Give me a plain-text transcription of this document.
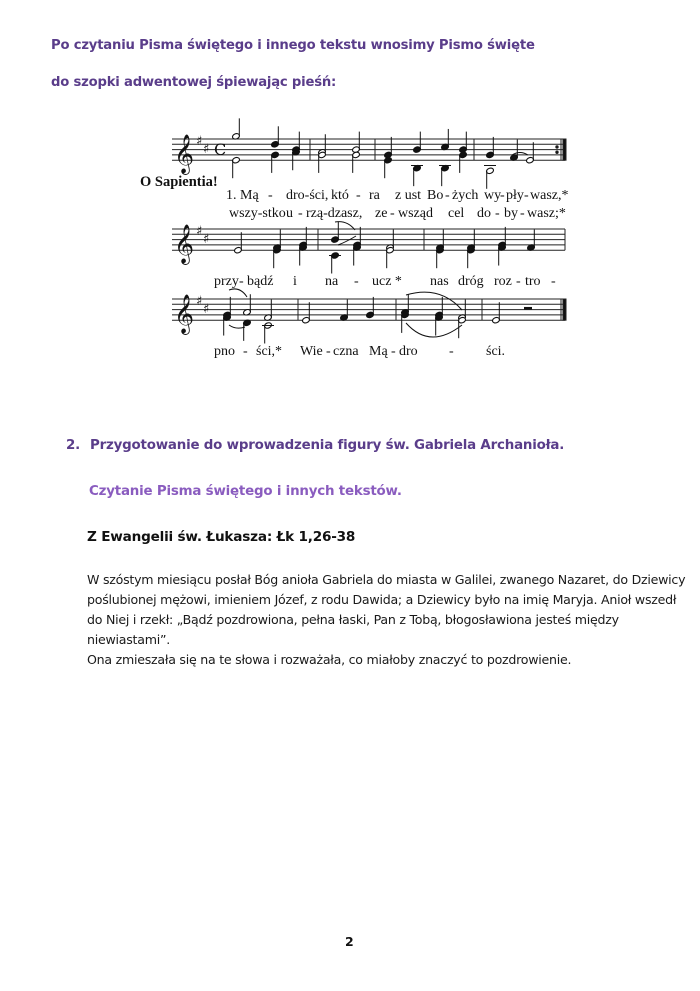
Po czytaniu Pisma świętego i innego tekstu wnosimy Pismo święte
do szopki adwentowej śpiewając pieśń:
𝄞 ♯
♯ C
𝄞 ♯
♯
𝄞 ♯
♯
O Sapientia!
1. Mą - dro-ści, któ - ra z ust Bo - żych wy
- pły - wasz,*
wszy-stko u - rzą-dzasz, ze - wsząd cel do - by - wasz;*
przy - bądź i na - ucz * nas dróg roz - tro -
pno - ści,* Wie - czna Mą - dro - ści.
2. Przygotowanie do wprowadzenia figury św. Gabriela Archanioła.
Czytanie Pisma świętego i innych tekstów.
Z Ewangelii św. Łukasza: Łk 1,26-38

W szóstym miesiącu posłał Bóg anioła Gabriela do miasta w Galilei, zwanego Nazaret, do Dziewicy

poślubionej mężowi, imieniem Józef, z rodu Dawida; a Dziewicy było na imię Maryja. Anioł wszedł

do Niej i rzekł: „Bądź pozdrowiona, pełna łaski, Pan z Tobą, błogosławiona jesteś między

niewiastami”.

Ona zmieszała się na te słowa i rozważała, co miałoby znaczyć to pozdrowienie.

2
